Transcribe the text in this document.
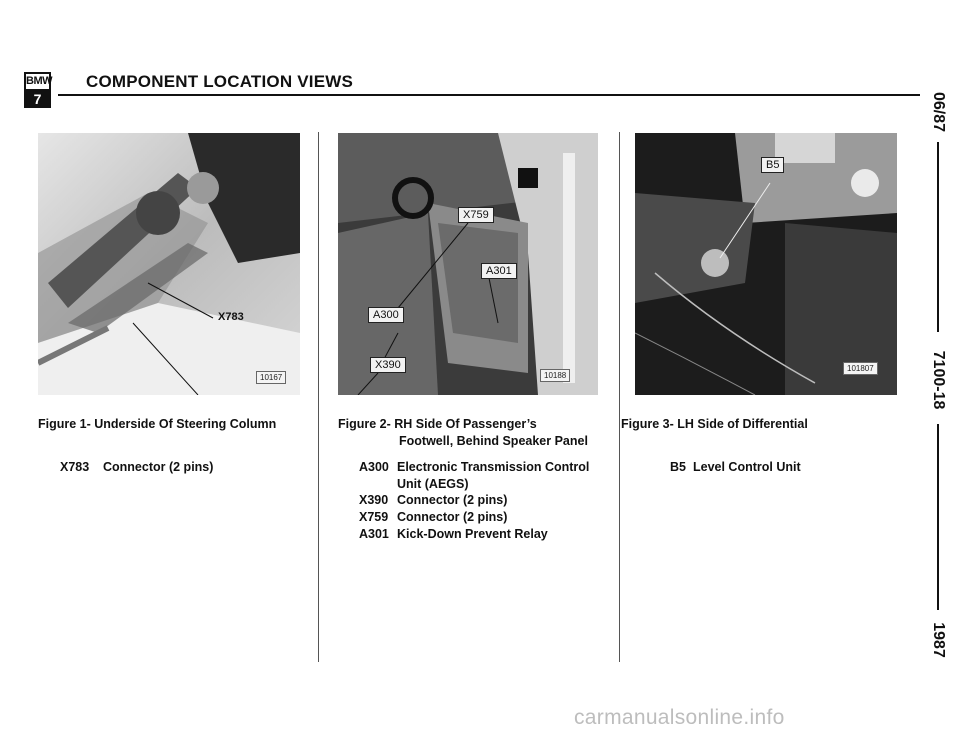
BMW
7
COMPONENT LOCATION VIEWS
06/87
7100-18
1987
X783
10167
X759
A301
A300
X390
10188
B5
101807
Figure 1- Underside Of Steering Column	Figure 2- RH Side Of Passenger’s
Footwell, Behind Speaker Panel
Figure 3- LH Side of Differential
X783 Connector (2 pins)	A300 Electronic Transmission Control
Unit (AEGS)
X390 Connector (2 pins)
X759 Connector (2 pins)
A301 Kick-Down Prevent Relay
B5 Level Control Unit
carmanualsonline.info
